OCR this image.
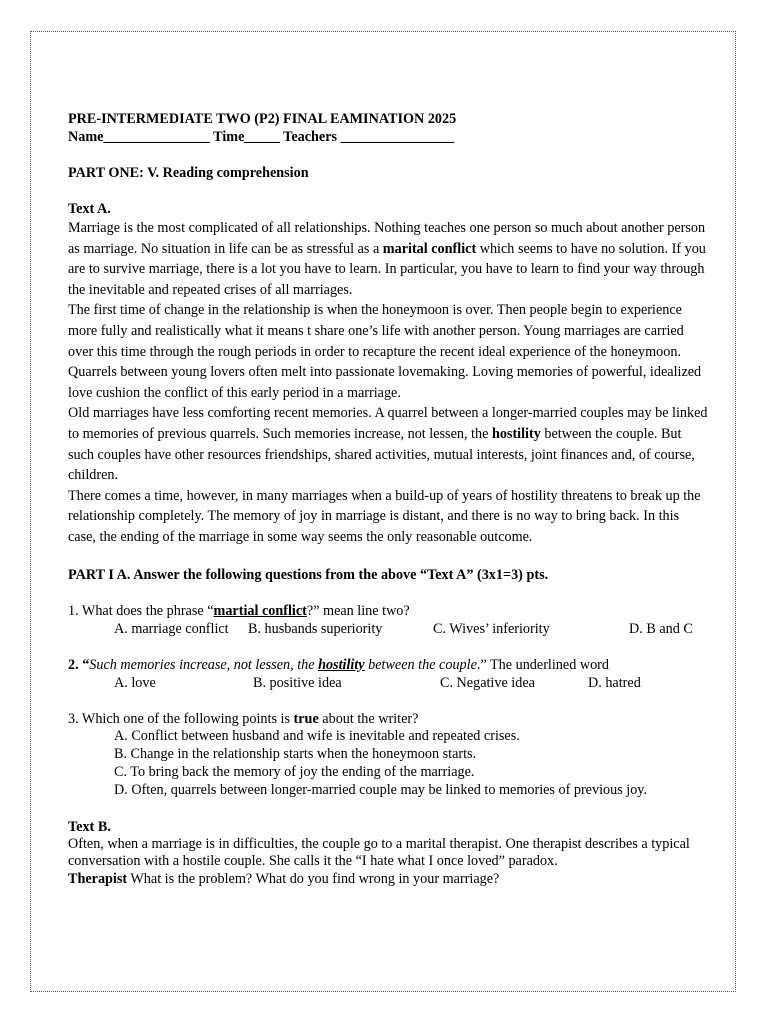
PRE-INTERMEDIATE TWO (P2) FINAL EAMINATION 2025
Name_______________ Time_____ Teachers ________________
PART ONE: V. Reading comprehension
Text A.
Marriage is the most complicated of all relationships. Nothing teaches one person so much about another person as marriage. No situation in life can be as stressful as a marital conflict which seems to have no solution. If you are to survive marriage, there is a lot you have to learn. In particular, you have to learn to find your way through the inevitable and repeated crises of all marriages.
The first time of change in the relationship is when the honeymoon is over. Then people begin to experience more fully and realistically what it means t share one’s life with another person. Young marriages are carried over this time through the rough periods in order to recapture the recent ideal experience of the honeymoon. Quarrels between young lovers often melt into passionate lovemaking. Loving memories of powerful, idealized love cushion the conflict of this early period in a marriage.
Old marriages have less comforting recent memories. A quarrel between a longer-married couples may be linked to memories of previous quarrels. Such memories increase, not lessen, the hostility between the couple. But such couples have other resources friendships, shared activities, mutual interests, joint finances and, of course, children.
There comes a time, however, in many marriages when a build-up of years of hostility threatens to break up the relationship completely. The memory of joy in marriage is distant, and there is no way to bring back. In this case, the ending of the marriage in some way seems the only reasonable outcome.
PART I A. Answer the following questions from the above “Text A” (3x1=3) pts.
1. What does the phrase “martial conflict?” mean line two?
A. marriage conflict B. husbands superiority	C. Wives’ inferiority	D. B and C
2. “Such memories increase, not lessen, the hostility between the couple.” The underlined word
A. love	B. positive idea	C. Negative idea	D. hatred
3. Which one of the following points is true about the writer?
A. Conflict between husband and wife is inevitable and repeated crises.
B. Change in the relationship starts when the honeymoon starts.
C. To bring back the memory of joy the ending of the marriage.
D. Often, quarrels between longer-married couple may be linked to memories of previous joy.
Text B.
Often, when a marriage is in difficulties, the couple go to a marital therapist. One therapist describes a typical conversation with a hostile couple. She calls it the “I hate what I once loved” paradox.
Therapist What is the problem? What do you find wrong in your marriage?
